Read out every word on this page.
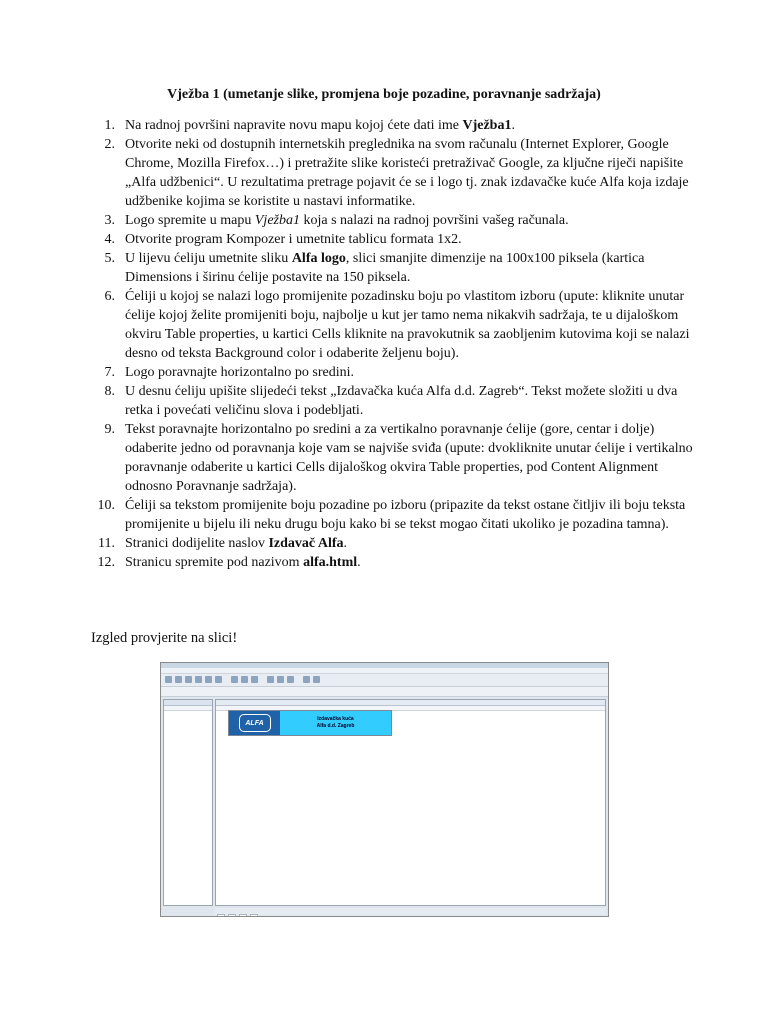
Vježba 1 (umetanje slike, promjena boje pozadine, poravnanje sadržaja)
1. Na radnoj površini napravite novu mapu kojoj ćete dati ime Vježba1.
2. Otvorite neki od dostupnih internetskih preglednika na svom računalu (Internet Explorer, Google Chrome, Mozilla Firefox…) i pretražite slike koristeći pretraživač Google, za ključne riječi napišite „Alfa udžbenici“. U rezultatima pretrage pojavit će se i logo tj. znak izdavačke kuće Alfa koja izdaje udžbenike kojima se koristite u nastavi informatike.
3. Logo spremite u mapu Vježba1 koja s nalazi na radnoj površini vašeg računala.
4. Otvorite program Kompozer i umetnite tablicu formata 1x2.
5. U lijevu ćeliju umetnite sliku Alfa logo, slici smanjite dimenzije na 100x100 piksela (kartica Dimensions i širinu ćelije postavite na 150 piksela.
6. Ćeliji u kojoj se nalazi logo promijenite pozadinsku boju po vlastitom izboru (upute: kliknite unutar ćelije kojoj želite promijeniti boju, najbolje u kut jer tamo nema nikakvih sadržaja, te u dijaloškom okviru Table properties, u kartici Cells kliknite na pravokutnik sa zaobljenim kutovima koji se nalazi desno od teksta Background color i odaberite željenu boju).
7. Logo poravnajte horizontalno po sredini.
8. U desnu ćeliju upišite slijedeći tekst „Izdavačka kuća Alfa d.d. Zagreb“. Tekst možete složiti u dva retka i povećati veličinu slova i podebljati.
9. Tekst poravnajte horizontalno po sredini a za vertikalno poravnanje ćelije (gore, centar i dolje) odaberite jedno od poravnanja koje vam se najviše sviđa (upute: dvokliknite unutar ćelije i vertikalno poravnanje odaberite u kartici Cells dijaloškog okvira Table properties, pod Content Alignment odnosno Poravnanje sadržaja).
10. Ćeliji sa tekstom promijenite boju pozadine po izboru (pripazite da tekst ostane čitljiv ili boju teksta promijenite u bijelu ili neku drugu boju kako bi se tekst mogao čitati ukoliko je pozadina tamna).
11. Stranici dodijelite naslov Izdavač Alfa.
12. Stranicu spremite pod nazivom alfa.html.
Izgled provjerite na slici!
ALFA
Izdavačka kuća
Alfa d.d. Zagreb
